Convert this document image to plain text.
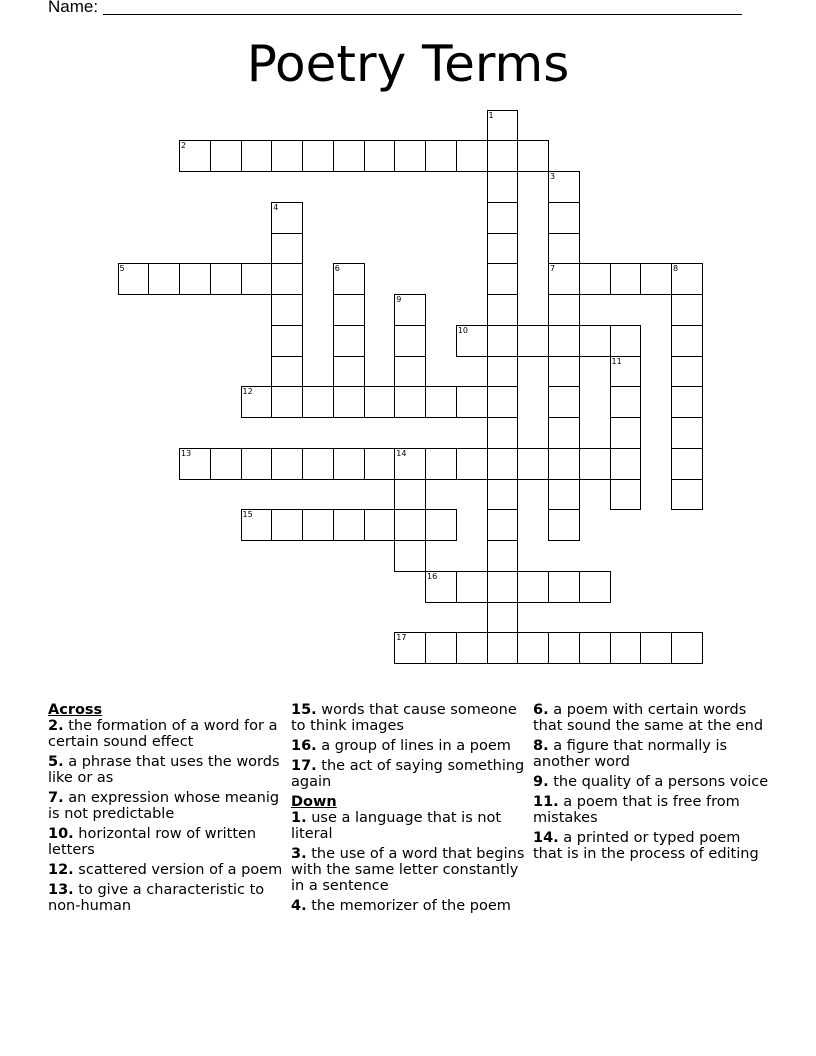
Name:
Poetry Terms
1
2
3
7
4
5	6	8
9
10
11
12
13	14
15
16
17
Across
2. the formation of a word for a certain sound effect
5. a phrase that uses the words like or as
7. an expression whose meanig is not predictable
10. horizontal row of written letters
12. scattered version of a poem
13. to give a characteristic to non-human
15. words that cause someone to think images
16. a group of lines in a poem
17. the act of saying something again
Down
1. use a language that is not literal
3. the use of a word that begins with the same letter constantly in a sentence
4. the memorizer of the poem
6. a poem with certain words that sound the same at the end
8. a figure that normally is another word
9. the quality of a persons voice
11. a poem that is free from mistakes
14. a printed or typed poem that is in the process of editing
